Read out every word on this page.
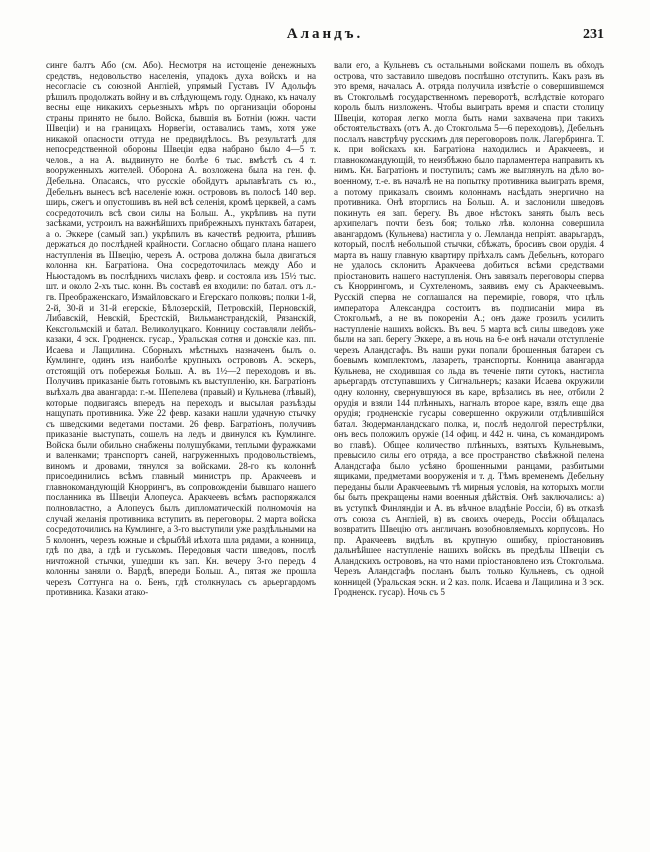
Аландъ.	231

синге балтъ Або (см. Або). Несмотря на истощенiе денежныхъ средствъ, недовольство населенiя, упадокъ духа войскъ и на несогласiе съ союзной Англiей, упрямый Густавъ IV Адольфъ рѣшилъ продолжать войну и въ слѣдующемъ году. Однако, къ началу весны еще никакихъ серьезныхъ мѣръ по организацiи обороны страны принято не было. Войска, бывшiя въ Ботнiи (южн. части Швецiи) и на границахъ Норвегiи, оставались тамъ, хотя уже никакой опасности оттуда не предвидѣлось. Въ результатѣ для непосредственной обороны Швецiи едва набрано было 4—5 т. челов., а на А. выдвинуто не болѣе 6 тыс. вмѣстѣ съ 4 т. вооруженныхъ жителей. Оборона А. возложена была на ген. ф. Дебельна. Опасаясь, что русскiе обойдутъ арьпавѣгать съ ю., Дебельнъ вынесъ всѣ населенiе южн. острововъ въ полосѣ 140 вер. ширь, сжегъ и опустошивъ въ ней всѣ селенiя, кромѣ церквей, а самъ сосредоточилъ всѣ свои силы на Больш. А., укрѣпивъ на пути засѣками, устроилъ на важнѣйшихъ прибрежныхъ пунктахъ батареи, а о. Эккере (самый зап.) укрѣпилъ въ качествѣ редюита, рѣшивъ держаться до послѣдней крайности. Согласно общаго плана нашего наступленiя въ Швецiю, черезъ А. острова должна была двигаться колонна кн. Багратiона. Она сосредоточилась между Або и Ньюстадомъ въ послѣднихъ числахъ февр. и состояла изъ 15½ тыс. шт. и около 2-хъ тыс. конн. Въ составѣ ея входили: по батал. отъ л.-гв. Преображенскаго, Измайловскаго и Егерскаго полковъ; полки 1-й, 2-й, 30-й и 31-й егерскiе, Бѣлозерскiй, Петровскiй, Пернoвскiй, Либавскiй, Невскiй, Брестскiй, Вильманстрандскiй, Рязанскiй, Кексгольмскiй и батал. Великолуцкаго. Конницу составляли лейбъ-казаки, 4 эск. Гродненск. гусар., Уральская сотня и донскiе каз. пп. Исаева и Лащилина. Сборныхъ мѣстныхъ назначенъ былъ о. Кумлинге, одинъ изъ наиболѣе крупныхъ острововъ А. эскеръ, отстоящiй отъ побережья Больш. А. въ 1½—2 переходовъ и въ. Получивъ приказанiе быть готовымъ къ выступленiю, кн. Багратiонъ выѣхалъ два авангарда: г.-м. Шепелева (правый) и Кульнева (лѣвый), которые подвигаясь впередъ на переходъ и высылая разъѣзды нащупать противника. Уже 22 февр. казаки нашли удачную стычку съ шведскими ведетами постами. 26 февр. Багратiонъ, получивъ приказанiе выступать, сошелъ на ледъ и двинулся къ Кумлинге. Войска были обильно снабжены полушубками, теплыми фуражками и валенками; транспортъ саней, нагруженныхъ продовольствiемъ, виномъ и дровами, тянулся за войсками. 28-го къ колоннѣ присоединились всѣмъ главный министръ пр. Аракчеевъ и главнокомандующiй Кноррингъ, въ сопровожденiи бывшаго нашего посланника въ Швецiи Алопеуса. Аракчеевъ всѣмъ распоряжался полновластно, а Алопеусъ былъ дипломатическiй полномочiя на случай желанiя противника вступить въ переговоры. 2 марта войска сосредоточились на Кумлинге, а 3-го выступили уже раздѣльными на 5 колоннъ, черезъ южные и сѣрыбѣй иѣхота шла рядами, а конница, гдѣ по два, а гдѣ и гуськомъ. Передовыя части шведовъ, послѣ ничтожной стычки, ушедши къ зап. Кн. вечеру 3-го передъ 4 колонны заняли о. Вардѣ, впереди Больш. А., пятая же прошла черезъ Соттунга на о. Бенъ, гдѣ столкнулась съ арьергардомъ противника. Казаки атако-

вали его, а Кульневъ съ остальными войсками пошелъ въ обходъ острова, что заставило шведовъ поспѣшно отступить. Какъ разъ въ это время, началась А. отряда получила извѣстiе о совершившемся въ Стокгольмѣ государственномъ переворотѣ, вслѣдствiе котораго король былъ низложенъ. Чтобы выиграть время и спасти столицу Швецiи, которая легко могла быть нами захвачена при такихъ обстоятельствахъ (отъ А. до Стокгольма 5—6 переходовъ), Дебельнъ послалъ навстрѣчу русскимъ для переговоровъ полк. Лагербринга. Т. к. при войскахъ кн. Багратiона находились и Аракчеевъ, и главнокомандующiй, то неизбѣжно было парламентера направить къ нимъ. Кн. Багратiонъ и поступилъ; самъ же выглянулъ на дѣло во-военному, т.-е. въ началѣ не на попытку противника выиграть время, а потому приказалъ своимъ колоннамъ насѣдать энергично на противника. Онѣ вторглись на Больш. А. и заслонили шведовъ покинуть ея зап. берегу. Въ двое нѣстокъ занять былъ весь архипелагъ почти безъ боя; только лѣв. колонна совершила авангардомъ (Кульнева) настигла у о. Лемланда непрiят. аварьгардъ, который, послѣ небольшой стычки, сбѣжать, бросивъ свои орудiя. 4 марта въ нашу главную квартиру прiѣхалъ самъ Дебельнъ, котораго не удалось склонить Аракчеева добиться всѣми средствами прiостановить нашего наступленiя. Онъ завязалъ переговоры сперва съ Кноррингомъ, и Сухтеленомъ, заявивъ ему съ Аракчеевымъ. Русскiй сперва не соглашался на перемирiе, говоря, что цѣль императора Александра состоитъ въ подписанiи мира въ Стокгольмѣ, а не въ покоренiи А.; онъ даже грозилъ усилить наступленiе нашихъ войскъ. Въ веч. 5 марта всѣ силы шведовъ уже были на зап. берегу Эккере, а въ ночь на 6-е онѣ начали отступленiе черезъ Аландсгафъ. Въ наши руки попали брошенныя батареи съ боевымъ комплектомъ, лазареть, транспорты. Конница авангарда Кульнева, не сходившая со льда въ теченiе пяти сутокъ, настигла арьергардъ отступавшихъ у Сигнальнеръ; казаки Исаева окружили одну колонну, свернувшуюся въ каре, врѣзались въ нее, отбили 2 орудiя и взяли 144 плѣнныхъ, нагналъ второе каре, взялъ еще два орудiя; гродненскiе гусары совершенно окружили отдѣлившiйся батал. Зюдерманландскаго полка, и, послѣ недолгой перестрѣлки, онъ весь положилъ оружiе (14 офиц. и 442 н. чина, съ командиромъ во главѣ). Общее количество плѣнныхъ, взятыхъ Кульневымъ, превысило силы его отряда, а все пространство сѣвѣжной пелена Аландсгафа было усѣяно брошенными ранцами, разбитыми ящиками, предметами вооруженiя и т. д. Тѣмъ временемъ Дебельну переданы были Аракчеевымъ тѣ мирныя условiя, на которыхъ могли бы быть прекращены нами военныя дѣйствiя. Онѣ заключались: а) въ уступкѣ Финляндiи и А. въ вѣчное владѣнiе Россiи, б) въ отказѣ отъ союза съ Англiей, в) въ своихъ очередь, Россiи обѣщалась возвратить Швецiю отъ англичанъ возобновляемыхъ корпусовъ. Но пр. Аракчеевъ видѣлъ въ крупную ошибку, прiостановивъ дальнѣйшее наступленiе нашихъ войскъ въ предѣлы Швецiи съ Аландскихъ острововъ, на что нами прiостановлено изъ Стокгольма. Черезъ Аландсгафъ посланъ былъ только Кульневъ, съ одной конницей (Уральская эскн. и 2 каз. полк. Исаева и Лащилина и 3 эск. Гродненск. гусар). Ночь съ 5
